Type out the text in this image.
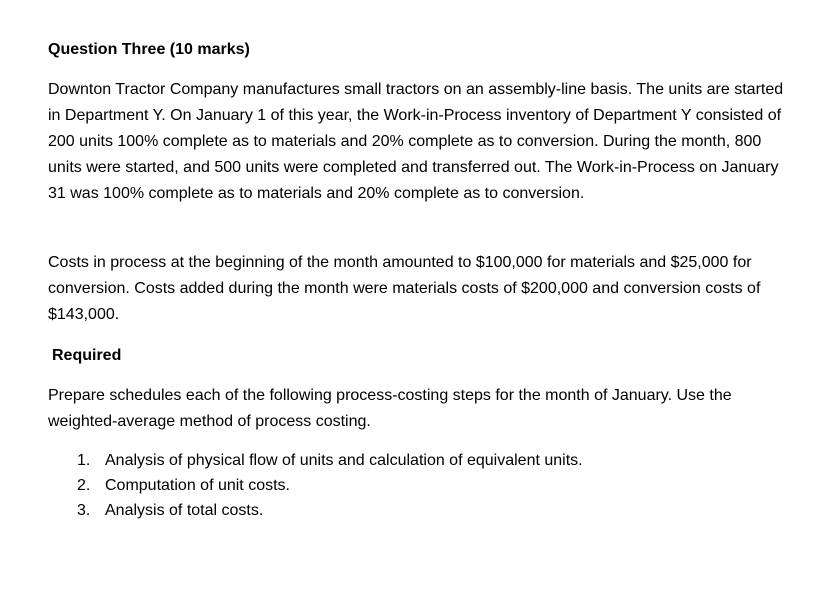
Question Three (10 marks)

Downton Tractor Company manufactures small tractors on an assembly-line basis. The units are started in Department Y. On January 1 of this year, the Work-in-Process inventory of Department Y consisted of 200 units 100% complete as to materials and 20% complete as to conversion. During the month, 800 units were started, and 500 units were completed and transferred out. The Work-in-Process on January 31 was 100% complete as to materials and 20% complete as to conversion.

Costs in process at the beginning of the month amounted to $100,000 for materials and $25,000 for conversion. Costs added during the month were materials costs of $200,000 and conversion costs of $143,000.

Required

Prepare schedules each of the following process-costing steps for the month of January. Use the weighted-average method of process costing.

1. Analysis of physical flow of units and calculation of equivalent units.
2. Computation of unit costs.
3. Analysis of total costs.
